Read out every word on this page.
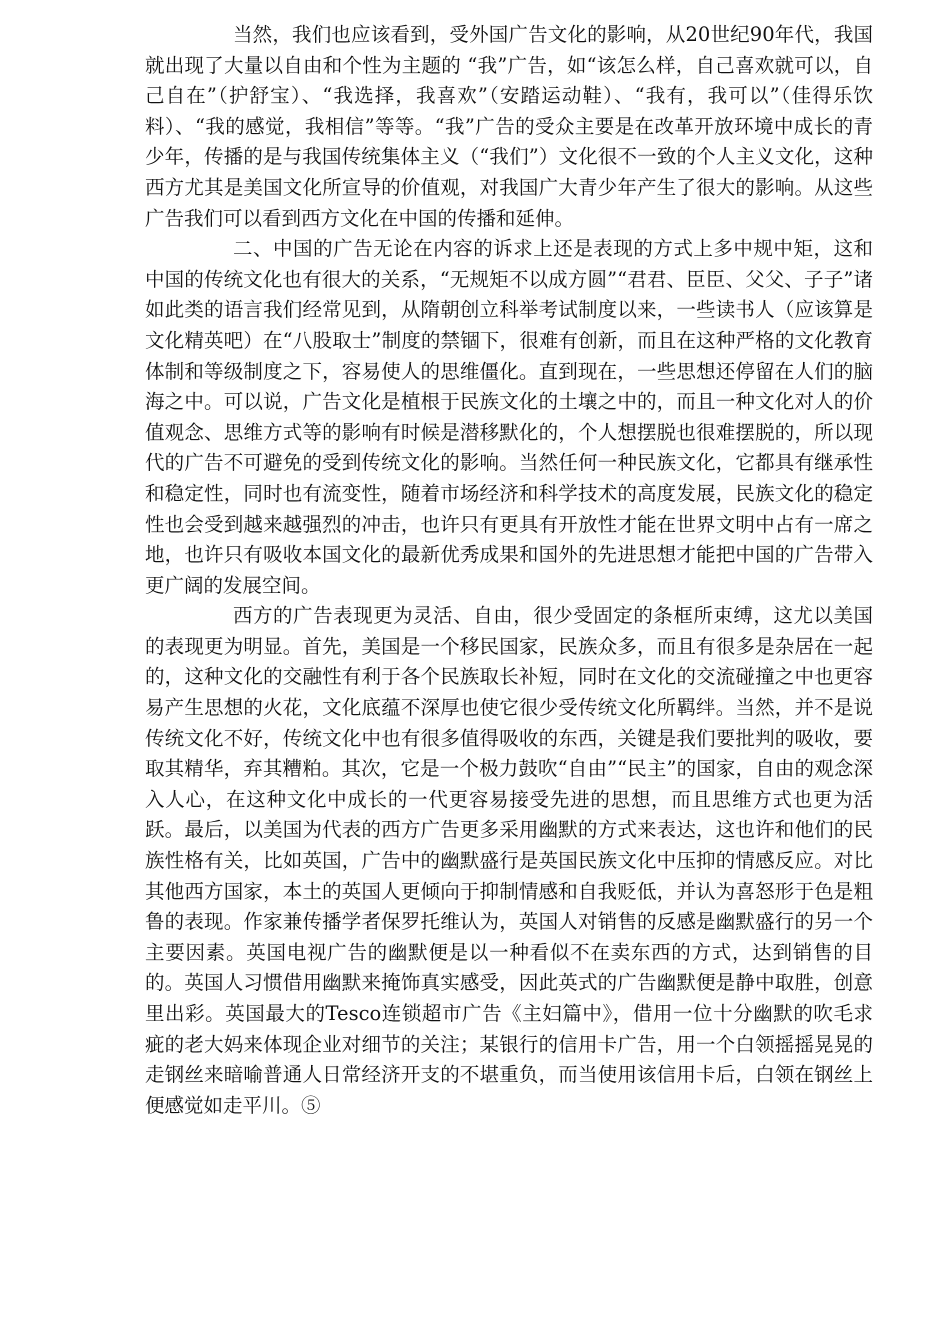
当然，我们也应该看到，受外国广告文化的影响，从20世纪90年代，我国就出现了大量以自由和个性为主题的 “我”广告，如“该怎么样，自己喜欢就可以，自己自在”（护舒宝）、“我选择，我喜欢”（安踏运动鞋）、“我有，我可以”（佳得乐饮料）、“我的感觉，我相信”等等。“我”广告的受众主要是在改革开放环境中成长的青少年，传播的是与我国传统集体主义（“我们”）文化很不一致的个人主义文化，这种西方尤其是美国文化所宣导的价值观，对我国广大青少年产生了很大的影响。从这些广告我们可以看到西方文化在中国的传播和延伸。

二、中国的广告无论在内容的诉求上还是表现的方式上多中规中矩，这和中国的传统文化也有很大的关系，“无规矩不以成方圆”“君君、臣臣、父父、子子”诸如此类的语言我们经常见到，从隋朝创立科举考试制度以来，一些读书人（应该算是文化精英吧）在“八股取士”制度的禁锢下，很难有创新，而且在这种严格的文化教育体制和等级制度之下，容易使人的思维僵化。直到现在，一些思想还停留在人们的脑海之中。可以说，广告文化是植根于民族文化的土壤之中的，而且一种文化对人的价值观念、思维方式等的影响有时候是潜移默化的，个人想摆脱也很难摆脱的，所以现代的广告不可避免的受到传统文化的影响。当然任何一种民族文化，它都具有继承性和稳定性，同时也有流变性，随着市场经济和科学技术的高度发展，民族文化的稳定性也会受到越来越强烈的冲击，也许只有更具有开放性才能在世界文明中占有一席之地，也许只有吸收本国文化的最新优秀成果和国外的先进思想才能把中国的广告带入更广阔的发展空间。

西方的广告表现更为灵活、自由，很少受固定的条框所束缚，这尤以美国的表现更为明显。首先，美国是一个移民国家，民族众多，而且有很多是杂居在一起的，这种文化的交融性有利于各个民族取长补短，同时在文化的交流碰撞之中也更容易产生思想的火花，文化底蕴不深厚也使它很少受传统文化所羁绊。当然，并不是说传统文化不好，传统文化中也有很多值得吸收的东西，关键是我们要批判的吸收，要取其精华，弃其糟粕。其次，它是一个极力鼓吹“自由”“民主”的国家，自由的观念深入人心，在这种文化中成长的一代更容易接受先进的思想，而且思维方式也更为活跃。最后，以美国为代表的西方广告更多采用幽默的方式来表达，这也许和他们的民族性格有关，比如英国，广告中的幽默盛行是英国民族文化中压抑的情感反应。对比其他西方国家，本土的英国人更倾向于抑制情感和自我贬低，并认为喜怒形于色是粗鲁的表现。作家兼传播学者保罗托维认为，英国人对销售的反感是幽默盛行的另一个主要因素。英国电视广告的幽默便是以一种看似不在卖东西的方式，达到销售的目的。英国人习惯借用幽默来掩饰真实感受，因此英式的广告幽默便是静中取胜，创意里出彩。英国最大的Tesco连锁超市广告《主妇篇中》，借用一位十分幽默的吹毛求疵的老大妈来体现企业对细节的关注；某银行的信用卡广告，用一个白领摇摇晃晃的走钢丝来暗喻普通人日常经济开支的不堪重负，而当使用该信用卡后，白领在钢丝上便感觉如走平川。⑤
